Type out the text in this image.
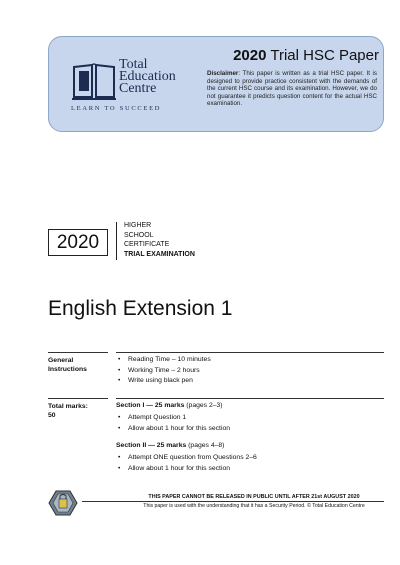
Total
Education
Centre
LEARN TO SUCCEED
2020 Trial HSC Paper
Disclaimer: This paper is written as a trial HSC paper. It is designed to provide practice consistent with the demands of the current HSC course and its examination. However, we do not guarantee it predicts question content for the actual HSC examination.
2020
HIGHER
SCHOOL
CERTIFICATE
TRIAL EXAMINATION
English Extension 1
General
Instructions
• Reading Time – 10 minutes
• Working Time – 2 hours
• Write using black pen
Total marks:
50
Section I — 25 marks (pages 2–3)
• Attempt Question 1
• Allow about 1 hour for this section
Section II — 25 marks (pages 4–8)
• Attempt ONE question from Questions 2–6
• Allow about 1 hour for this section
THIS PAPER CANNOT BE RELEASED IN PUBLIC UNTIL AFTER 21st AUGUST 2020
This paper is used with the understanding that it has a Security Period. © Total Education Centre
